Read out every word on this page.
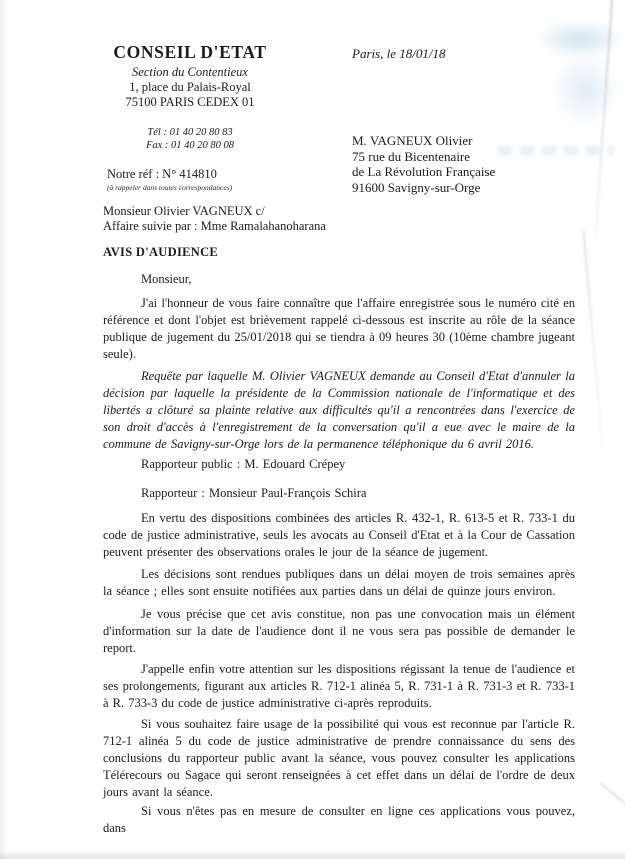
CONSEIL D'ETAT
Section du Contentieux
1, place du Palais-Royal
75100 PARIS CEDEX 01
Tél : 01 40 20 80 83
Fax : 01 40 20 80 08
Paris, le 18/01/18
M. VAGNEUX Olivier
75 rue du Bicentenaire
de La Révolution Française
91600 Savigny-sur-Orge
Notre réf : N° 414810
(à rappeler dans toutes correspondances)
Monsieur Olivier VAGNEUX c/
Affaire suivie par : Mme Ramalahanoharana
AVIS D'AUDIENCE

Monsieur,

J'ai l'honneur de vous faire connaître que l'affaire enregistrée sous le numéro cité en référence et dont l'objet est brièvement rappelé ci-dessous est inscrite au rôle de la séance publique de jugement du 25/01/2018 qui se tiendra à 09 heures 30 (10ème chambre jugeant seule).

Requête par laquelle M. Olivier VAGNEUX demande au Conseil d'Etat d'annuler la décision par laquelle la présidente de la Commission nationale de l'informatique et des libertés a clôturé sa plainte relative aux difficultés qu'il a rencontrées dans l'exercice de son droit d'accès à l'enregistrement de la conversation qu'il a eue avec le maire de la commune de Savigny-sur-Orge lors de la permanence téléphonique du 6 avril 2016.

Rapporteur public : M. Edouard Crépey

Rapporteur : Monsieur Paul-François Schira

En vertu des dispositions combinées des articles R. 432-1, R. 613-5 et R. 733-1 du code de justice administrative, seuls les avocats au Conseil d'Etat et à la Cour de Cassation peuvent présenter des observations orales le jour de la séance de jugement.

Les décisions sont rendues publiques dans un délai moyen de trois semaines après la séance ; elles sont ensuite notifiées aux parties dans un délai de quinze jours environ.

Je vous précise que cet avis constitue, non pas une convocation mais un élément d'information sur la date de l'audience dont il ne vous sera pas possible de demander le report.

J'appelle enfin votre attention sur les dispositions régissant la tenue de l'audience et ses prolongements, figurant aux articles R. 712-1 alinéa 5, R. 731-1 à R. 731-3 et R. 733-1 à R. 733-3 du code de justice administrative ci-après reproduits.

Si vous souhaitez faire usage de la possibilité qui vous est reconnue par l'article R. 712-1 alinéa 5 du code de justice administrative de prendre connaissance du sens des conclusions du rapporteur public avant la séance, vous pouvez consulter les applications Télérecours ou Sagace qui seront renseignées à cet effet dans un délai de l'ordre de deux jours avant la séance.

Si vous n'êtes pas en mesure de consulter en ligne ces applications vous pouvez, dans
